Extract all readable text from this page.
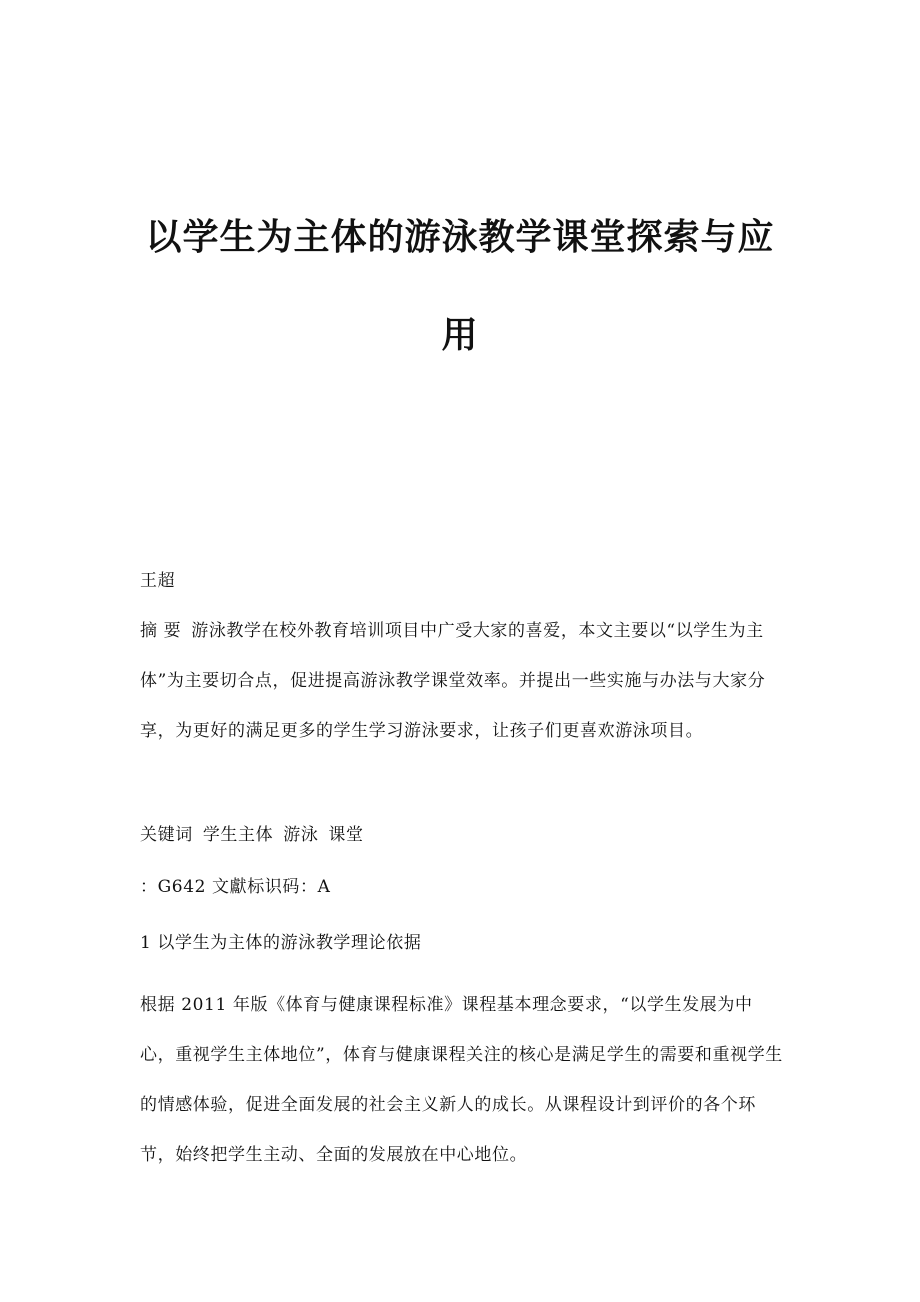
以学生为主体的游泳教学课堂探索与应
用

王超

摘 要 游泳教学在校外教育培训项目中广受大家的喜爱，本文主要以“以学生为主体”为主要切合点，促进提高游泳教学课堂效率。并提出一些实施与办法与大家分享，为更好的满足更多的学生学习游泳要求，让孩子们更喜欢游泳项目。

关键词 学生主体 游泳 课堂

：G642 文獻标识码：A

1 以学生为主体的游泳教学理论依据

根据 2011 年版《体育与健康课程标准》课程基本理念要求，“以学生发展为中心，重视学生主体地位”，体育与健康课程关注的核心是满足学生的需要和重视学生的情感体验，促进全面发展的社会主义新人的成长。从课程设计到评价的各个环节，始终把学生主动、全面的发展放在中心地位。
